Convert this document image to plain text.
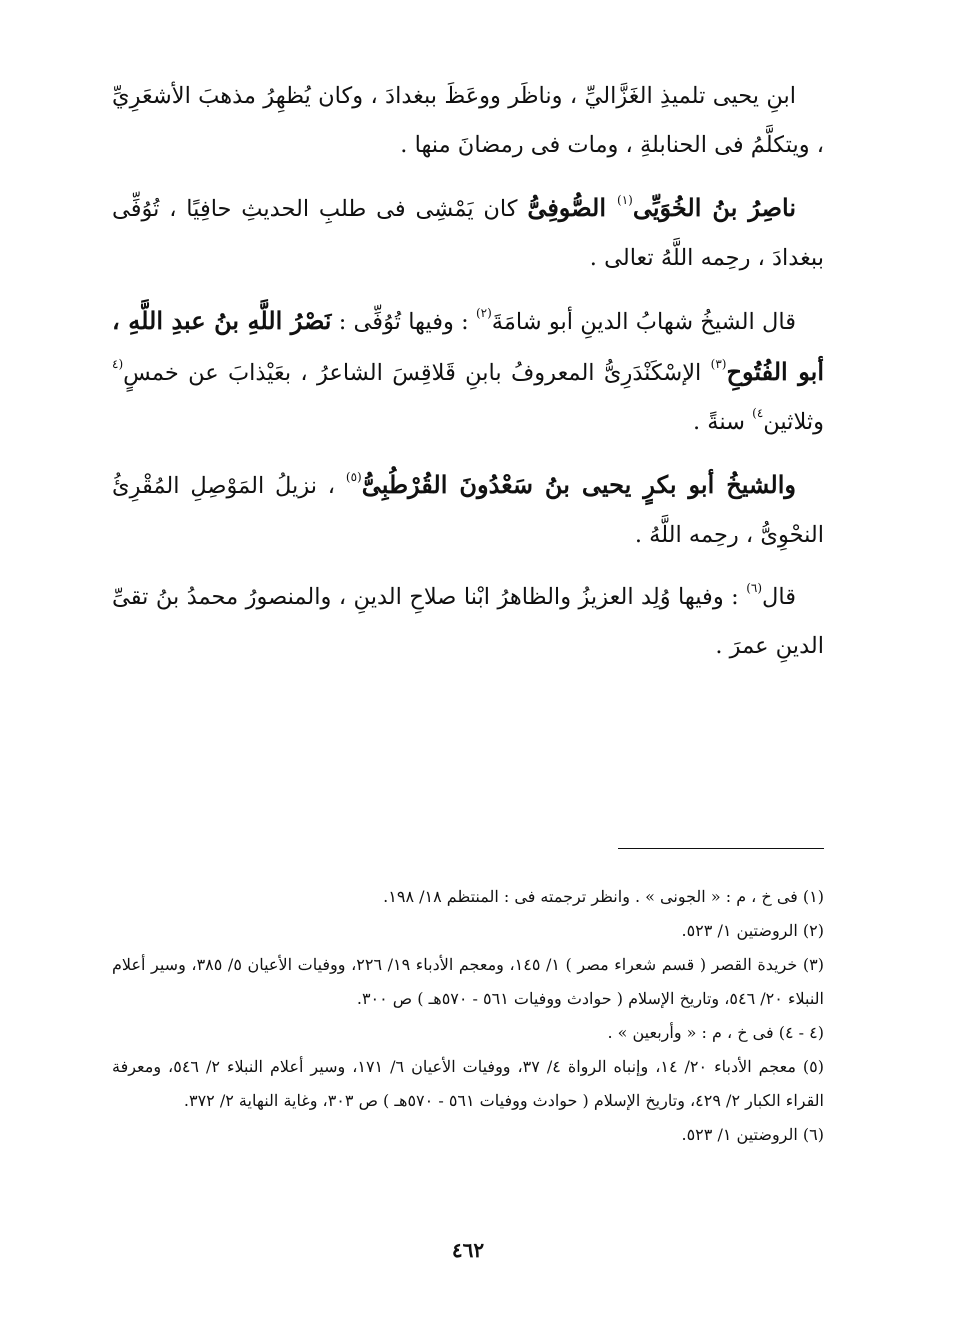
ابنِ يحيى تلميذِ الغَزَّاليِّ ، وناظَر ووعَظَ ببغدادَ ، وكان يُظهِرُ مذهبَ الأشعَرِيِّ ، ويتكلَّمُ فى الحنابلةِ ، ومات فى رمضانَ منها .

ناصِرُ بنُ الخُوَيِّى$^{(١)}$ الصُّوفِىُّ كان يَمْشِى فى طلبِ الحديثِ حافِيًا ، تُوُفِّى ببغدادَ ، رحِمه اللَّهُ تعالى .

قال الشيخُ شهابُ الدينِ أبو شامَةَ$^{(٢)}$ : وفيها تُوُفِّى : نَصْرُ اللَّهِ بنُ عبدِ اللَّهِ ، أبو الفُتُوحِ$^{(٣)}$ الإسْكَنْدَرِىُّ المعروفُ بابنِ قَلاقِسَ الشاعرُ ، بعَيْذابَ عن خمسٍ$^{(٤}$ وثلاثين$^{٤)}$ سنةً .

والشيخُ أبو بكرٍ يحيى بنُ سَعْدُونَ القُرْطُبِىُّ$^{(٥)}$ ، نزيلُ المَوْصِلِ المُقْرِئُ النحْوِىُّ ، رحِمه اللَّهُ .

قال$^{(٦)}$ : وفيها وُلِد العزيزُ والظاهرُ ابْنا صلاحِ الدينِ ، والمنصورُ محمدُ بنُ تقىِّ الدينِ عمرَ .

(١) فى خ ، م : « الجونى » . وانظر ترجمته فى : المنتظم ١٨/ ١٩٨.

(٢) الروضتين ١/ ٥٢٣.

(٣) خريدة القصر ( قسم شعراء مصر ) ١/ ١٤٥، ومعجم الأدباء ١٩/ ٢٢٦، ووفيات الأعيان ٥/ ٣٨٥، وسير أعلام النبلاء ٢٠/ ٥٤٦، وتاريخ الإسلام ( حوادث ووفيات ٥٦١ - ٥٧٠هـ ) ص ٣٠٠.

(٤ - ٤) فى خ ، م : « وأربعين » .

(٥) معجم الأدباء ٢٠/ ١٤، وإنباه الرواة ٤/ ٣٧، ووفيات الأعيان ٦/ ١٧١، وسير أعلام النبلاء ٢/ ٥٤٦، ومعرفة القراء الكبار ٢/ ٤٢٩، وتاريخ الإسلام ( حوادث ووفيات ٥٦١ - ٥٧٠هـ ) ص ٣٠٣، وغاية النهاية ٢/ ٣٧٢.

(٦) الروضتين ١/ ٥٢٣.

٤٦٢
